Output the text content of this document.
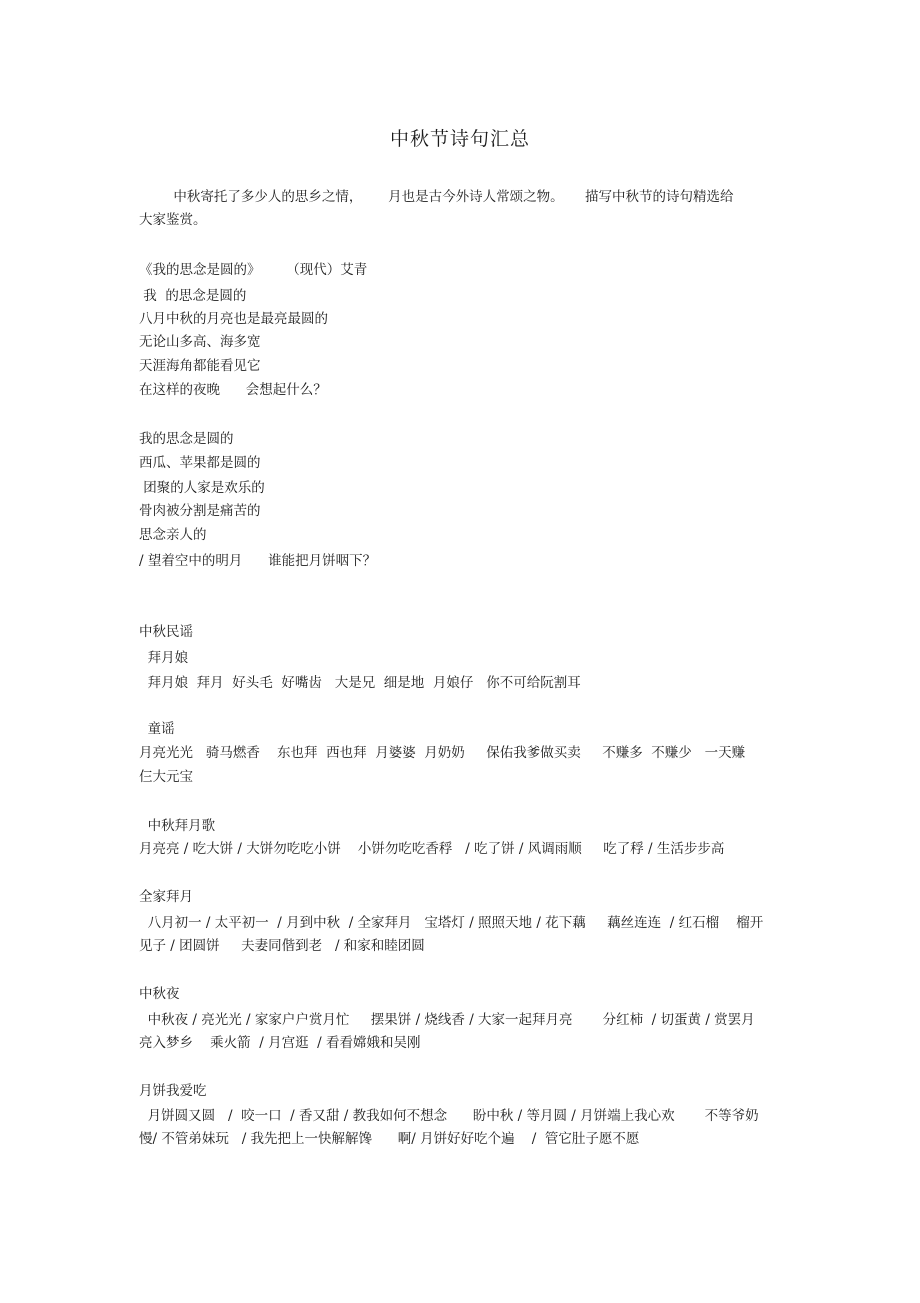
中秋节诗句汇总
中秋寄托了多少人的思乡之情，      月也是古今外诗人常颂之物。     描写中秋节的诗句精选给
大家鉴赏。
《我的思念是圆的》      （现代）艾青
我  的思念是圆的
八月中秋的月亮也是最亮最圆的
无论山多高、海多宽
天涯海角都能看见它
在这样的夜晚      会想起什么？
我的思念是圆的
西瓜、苹果都是圆的
团聚的人家是欢乐的
骨肉被分割是痛苦的
思念亲人的
/ 望着空中的明月      谁能把月饼咽下？
中秋民谣
拜月娘
拜月娘  拜月  好头毛  好嘴齿   大是兄  细是地  月娘仔   你不可给阮割耳
童谣
月亮光光   骑马燃香    东也拜  西也拜  月婆婆  月奶奶     保佑我爹做买卖     不赚多  不赚少   一天赚
仨大元宝
中秋拜月歌
月亮亮 / 吃大饼 / 大饼勿吃吃小饼    小饼勿吃吃香稃   / 吃了饼 / 风调雨顺     吃了稃 / 生活步步高
全家拜月
八月初一 / 太平初一  / 月到中秋  / 全家拜月   宝塔灯 / 照照天地 / 花下藕     藕丝连连  / 红石榴    榴开
见子 / 团圆饼     夫妻同偕到老   / 和家和睦团圆
中秋夜
中秋夜 / 亮光光 / 家家户户赏月忙     摆果饼 / 烧线香 / 大家一起拜月亮       分红柿  / 切蛋黄 / 赏罢月
亮入梦乡    乘火箭  / 月宫逛  / 看看嫦娥和吴刚
月饼我爱吃
月饼圆又圆   /  咬一口  / 香又甜 / 教我如何不想念      盼中秋 / 等月圆 / 月饼端上我心欢       不等爷奶
慢/ 不管弟妹玩   / 我先把上一快解解馋      啊/ 月饼好好吃个遍    /  管它肚子愿不愿
